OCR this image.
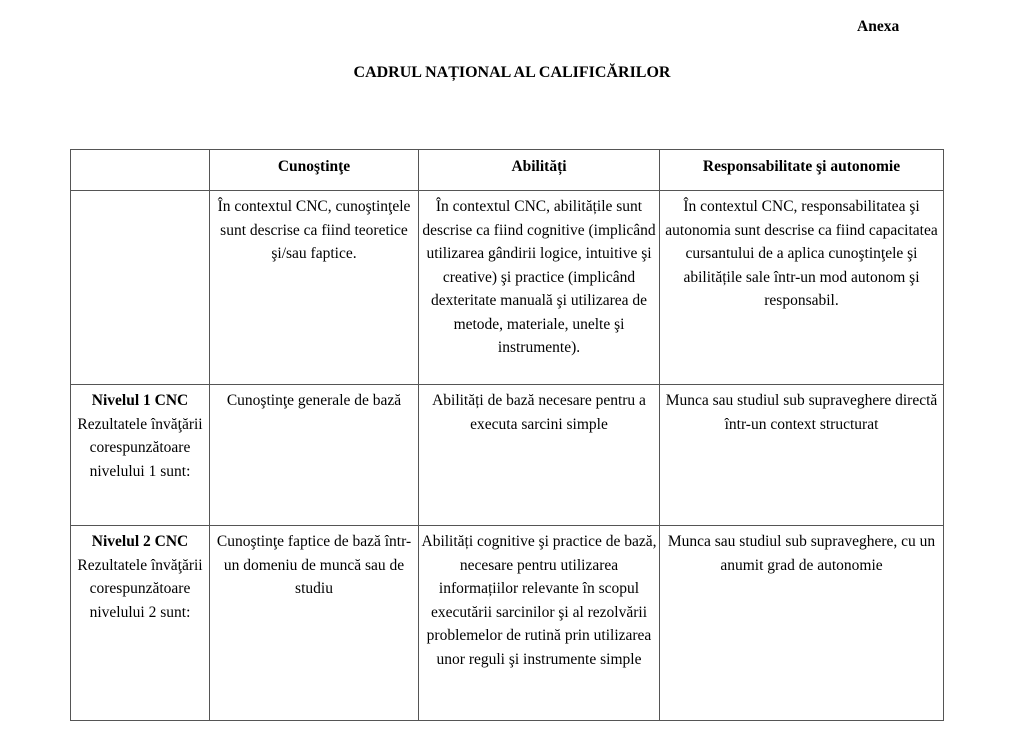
Anexa
CADRUL NAȚIONAL AL CALIFICĂRILOR
	Cunoştinţe	Abilități	Responsabilitate şi autonomie
	În contextul CNC, cunoştinţele sunt descrise ca fiind teoretice şi/sau faptice.	În contextul CNC, abilitățile sunt descrise ca fiind cognitive (implicând utilizarea gândirii logice, intuitive şi creative) şi practice (implicând dexteritate manuală şi utilizarea de metode, materiale, unelte şi instrumente).	În contextul CNC, responsabilitatea şi autonomia sunt descrise ca fiind capacitatea cursantului de a aplica cunoştinţele şi abilitățile sale într-un mod autonom şi responsabil.

Nivelul 1 CNC
Rezultatele învăţării corespunzătoare nivelului 1 sunt:	Cunoştinţe generale de bază	Abilități de bază necesare pentru a executa sarcini simple	Munca sau studiul sub supraveghere directă într-un context structurat

Nivelul 2 CNC
Rezultatele învăţării corespunzătoare nivelului 2 sunt:	Cunoştinţe faptice de bază într-un domeniu de muncă sau de studiu	Abilități cognitive şi practice de bază, necesare pentru utilizarea informațiilor relevante în scopul executării sarcinilor şi al rezolvării problemelor de rutină prin utilizarea unor reguli şi instrumente simple	Munca sau studiul sub supraveghere, cu un anumit grad de autonomie
